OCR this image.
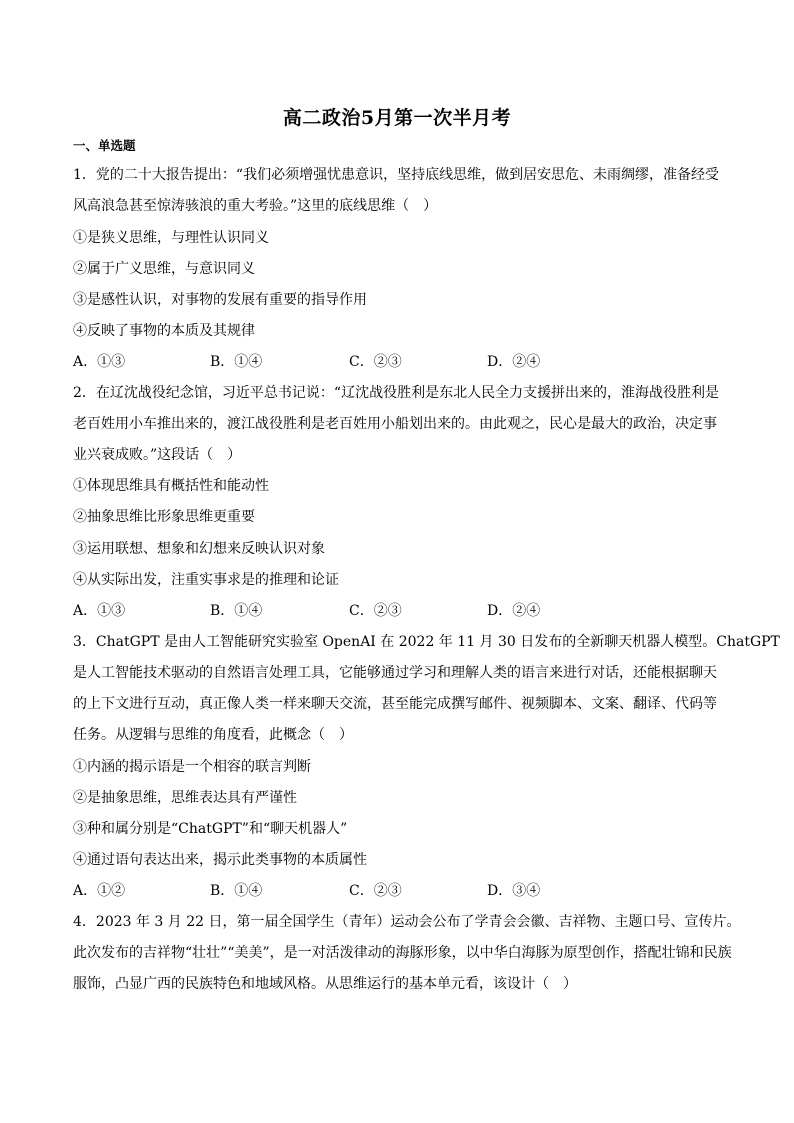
高二政治5月第一次半月考
一、单选题
1．党的二十大报告提出：“我们必须增强忧患意识，坚持底线思维，做到居安思危、未雨绸缪，准备经受
风高浪急甚至惊涛骇浪的重大考验。”这里的底线思维（　）
①是狭义思维，与理性认识同义
②属于广义思维，与意识同义
③是感性认识，对事物的发展有重要的指导作用
④反映了事物的本质及其规律
A．①③	B．①④	C．②③	D．②④
2．在辽沈战役纪念馆，习近平总书记说：“辽沈战役胜利是东北人民全力支援拼出来的，淮海战役胜利是
老百姓用小车推出来的，渡江战役胜利是老百姓用小船划出来的。由此观之，民心是最大的政治，决定事
业兴衰成败。”这段话（　）
①体现思维具有概括性和能动性
②抽象思维比形象思维更重要
③运用联想、想象和幻想来反映认识对象
④从实际出发，注重实事求是的推理和论证
A．①③	B．①④	C．②③	D．②④
3．ChatGPT 是由人工智能研究实验室 OpenAI 在 2022 年 11 月 30 日发布的全新聊天机器人模型。ChatGPT
是人工智能技术驱动的自然语言处理工具，它能够通过学习和理解人类的语言来进行对话，还能根据聊天
的上下文进行互动，真正像人类一样来聊天交流，甚至能完成撰写邮件、视频脚本、文案、翻译、代码等
任务。从逻辑与思维的角度看，此概念（　）
①内涵的揭示语是一个相容的联言判断
②是抽象思维，思维表达具有严谨性
③种和属分别是“ChatGPT”和“聊天机器人”
④通过语句表达出来，揭示此类事物的本质属性
A．①②	B．①④	C．②③	D．③④
4．2023 年 3 月 22 日，第一届全国学生（青年）运动会公布了学青会会徽、吉祥物、主题口号、宣传片。
此次发布的吉祥物“壮壮”“美美”，是一对活泼律动的海豚形象，以中华白海豚为原型创作，搭配壮锦和民族
服饰，凸显广西的民族特色和地域风格。从思维运行的基本单元看，该设计（　）
